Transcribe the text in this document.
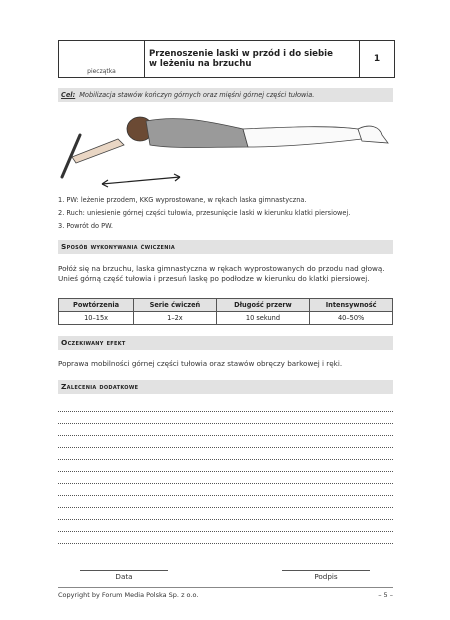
pieczątka
Przenoszenie laski w przód i do siebie
w leżeniu na brzuchu	1
Cel: Mobilizacja stawów kończyn górnych oraz mięśni górnej części tułowia.
1. PW: leżenie przodem, KKG wyprostowane, w rękach laska gimnastyczna.
2. Ruch: uniesienie górnej części tułowia, przesunięcie laski w kierunku klatki piersiowej.
3. Powrót do PW.
Sposób wykonywania ćwiczenia
Połóż się na brzuchu, laska gimnastyczna w rękach wyprostowanych do przodu nad głową. Unieś górną część tułowia i przesuń laskę po podłodze w kierunku do klatki piersiowej.
Powtórzenia	Serie ćwiczeń	Długość przerw	Intensywność
10–15x	1–2x	10 sekund	40–50%
Oczekiwany efekt
Poprawa mobilności górnej części tułowia oraz stawów obręczy barkowej i ręki.
Zalecenia dodatkowe
Data	Podpis
Copyright by Forum Media Polska Sp. z o.o.	– 5 –
